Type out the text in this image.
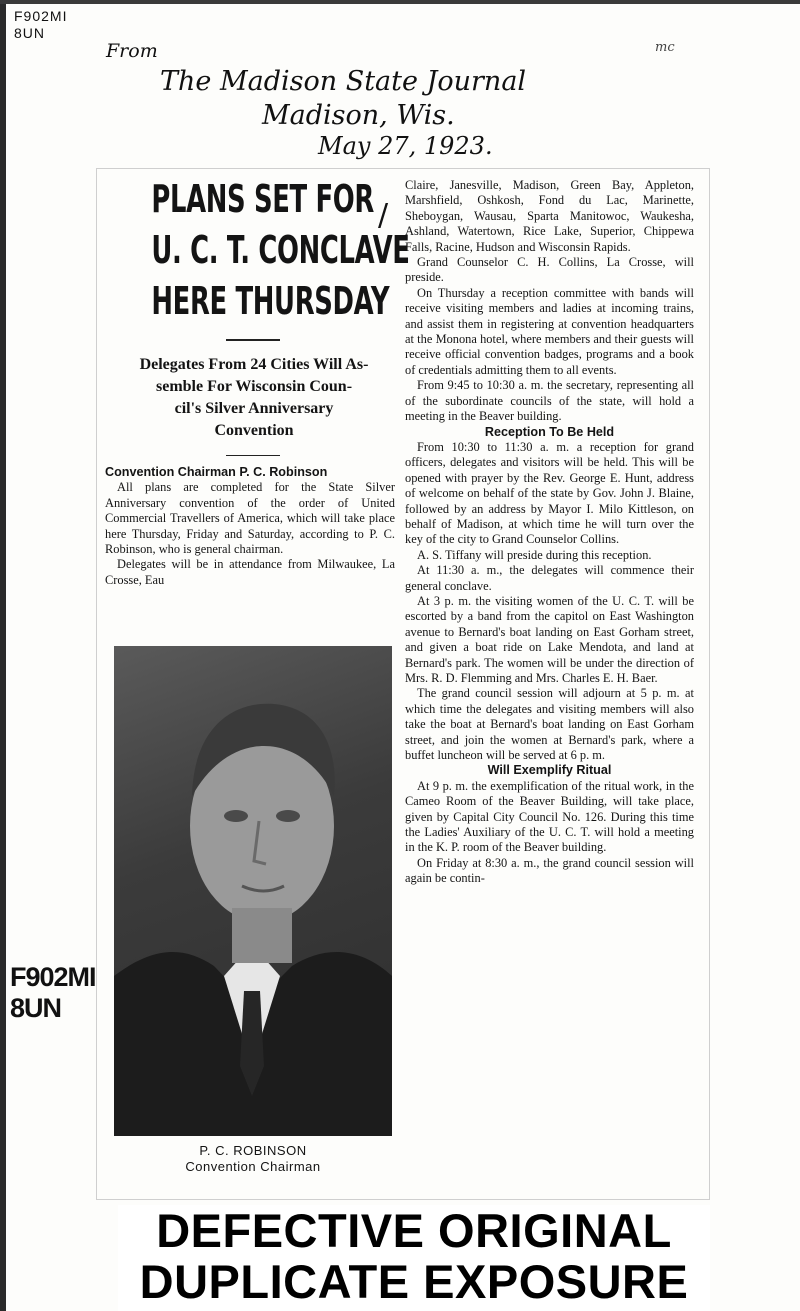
F902MI
8UN
mc
From
The Madison State Journal
Madison, Wis.
May 27, 1923.
PLANS SET FOR
U. C. T. CONCLAVE
HERE THURSDAY
/
Delegates From 24 Cities Will As-
semble For Wisconsin Coun-
cil's Silver Anniversary
Convention
Convention Chairman P. C. Robinson

All plans are completed for the State Silver Anniversary convention of the order of United Commercial Travellers of America, which will take place here Thursday, Friday and Saturday, according to P. C. Robinson, who is general chairman.

Delegates will be in attendance from Milwaukee, La Crosse, Eau

P. C. ROBINSON
Convention Chairman
F902MI
8UN

Claire, Janesville, Madison, Green Bay, Appleton, Marshfield, Oshkosh, Fond du Lac, Marinette, Sheboygan, Wausau, Sparta Manitowoc, Waukesha, Ashland, Watertown, Rice Lake, Superior, Chippewa Falls, Racine, Hudson and Wisconsin Rapids.

Grand Counselor C. H. Collins, La Crosse, will preside.

On Thursday a reception committee with bands will receive visiting members and ladies at incoming trains, and assist them in registering at convention headquarters at the Monona hotel, where members and their guests will receive official convention badges, programs and a book of credentials admitting them to all events.

From 9:45 to 10:30 a. m. the secretary, representing all of the subordinate councils of the state, will hold a meeting in the Beaver building.

Reception To Be Held

From 10:30 to 11:30 a. m. a reception for grand officers, delegates and visitors will be held. This will be opened with prayer by the Rev. George E. Hunt, address of welcome on behalf of the state by Gov. John J. Blaine, followed by an address by Mayor I. Milo Kittleson, on behalf of Madison, at which time he will turn over the key of the city to Grand Counselor Collins.

A. S. Tiffany will preside during this reception.

At 11:30 a. m., the delegates will commence their general conclave.

At 3 p. m. the visiting women of the U. C. T. will be escorted by a band from the capitol on East Washington avenue to Bernard's boat landing on East Gorham street, and given a boat ride on Lake Mendota, and land at Bernard's park. The women will be under the direction of Mrs. R. D. Flemming and Mrs. Charles E. H. Baer.

The grand council session will adjourn at 5 p. m. at which time the delegates and visiting members will also take the boat at Bernard's boat landing on East Gorham street, and join the women at Bernard's park, where a buffet luncheon will be served at 6 p. m.

Will Exemplify Ritual

At 9 p. m. the exemplification of the ritual work, in the Cameo Room of the Beaver Building, will take place, given by Capital City Council No. 126. During this time the Ladies' Auxiliary of the U. C. T. will hold a meeting in the K. P. room of the Beaver building.

On Friday at 8:30 a. m., the grand council session will again be contin-

DEFECTIVE ORIGINAL
DUPLICATE EXPOSURE
